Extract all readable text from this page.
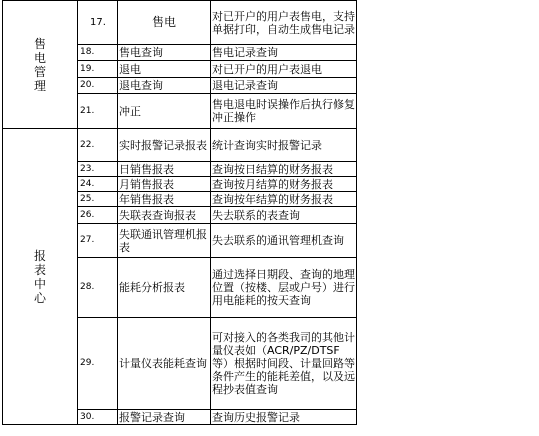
售
电
管
理	17.	售电	对已开户的用户表售电，支持单据打印，自动生成售电记录
	18.	售电查询	售电记录查询
	19.	退电	对已开户的用户表退电
	20.	退电查询	退电记录查询
	21.	冲正	售电退电时误操作后执行修复冲正操作

报
表
中
心	22.	实时报警记录报表	统计查询实时报警记录
	23.	日销售报表	查询按日结算的财务报表
	24.	月销售报表	查询按月结算的财务报表
	25.	年销售报表	查询按年结算的财务报表
	26.	失联表查询报表	失去联系的表查询
	27.	失联通讯管理机报表	失去联系的通讯管理机查询
	28.	能耗分析报表	通过选择日期段、查询的地理位置（按楼、层或户号）进行用电能耗的按天查询
	29.	计量仪表能耗查询	可对接入的各类我司的其他计量仪表如（ACR/PZ/DTSF等）根据时间段、计量回路等条件产生的能耗差值，以及远程抄表值查询
	30.	报警记录查询	查询历史报警记录
